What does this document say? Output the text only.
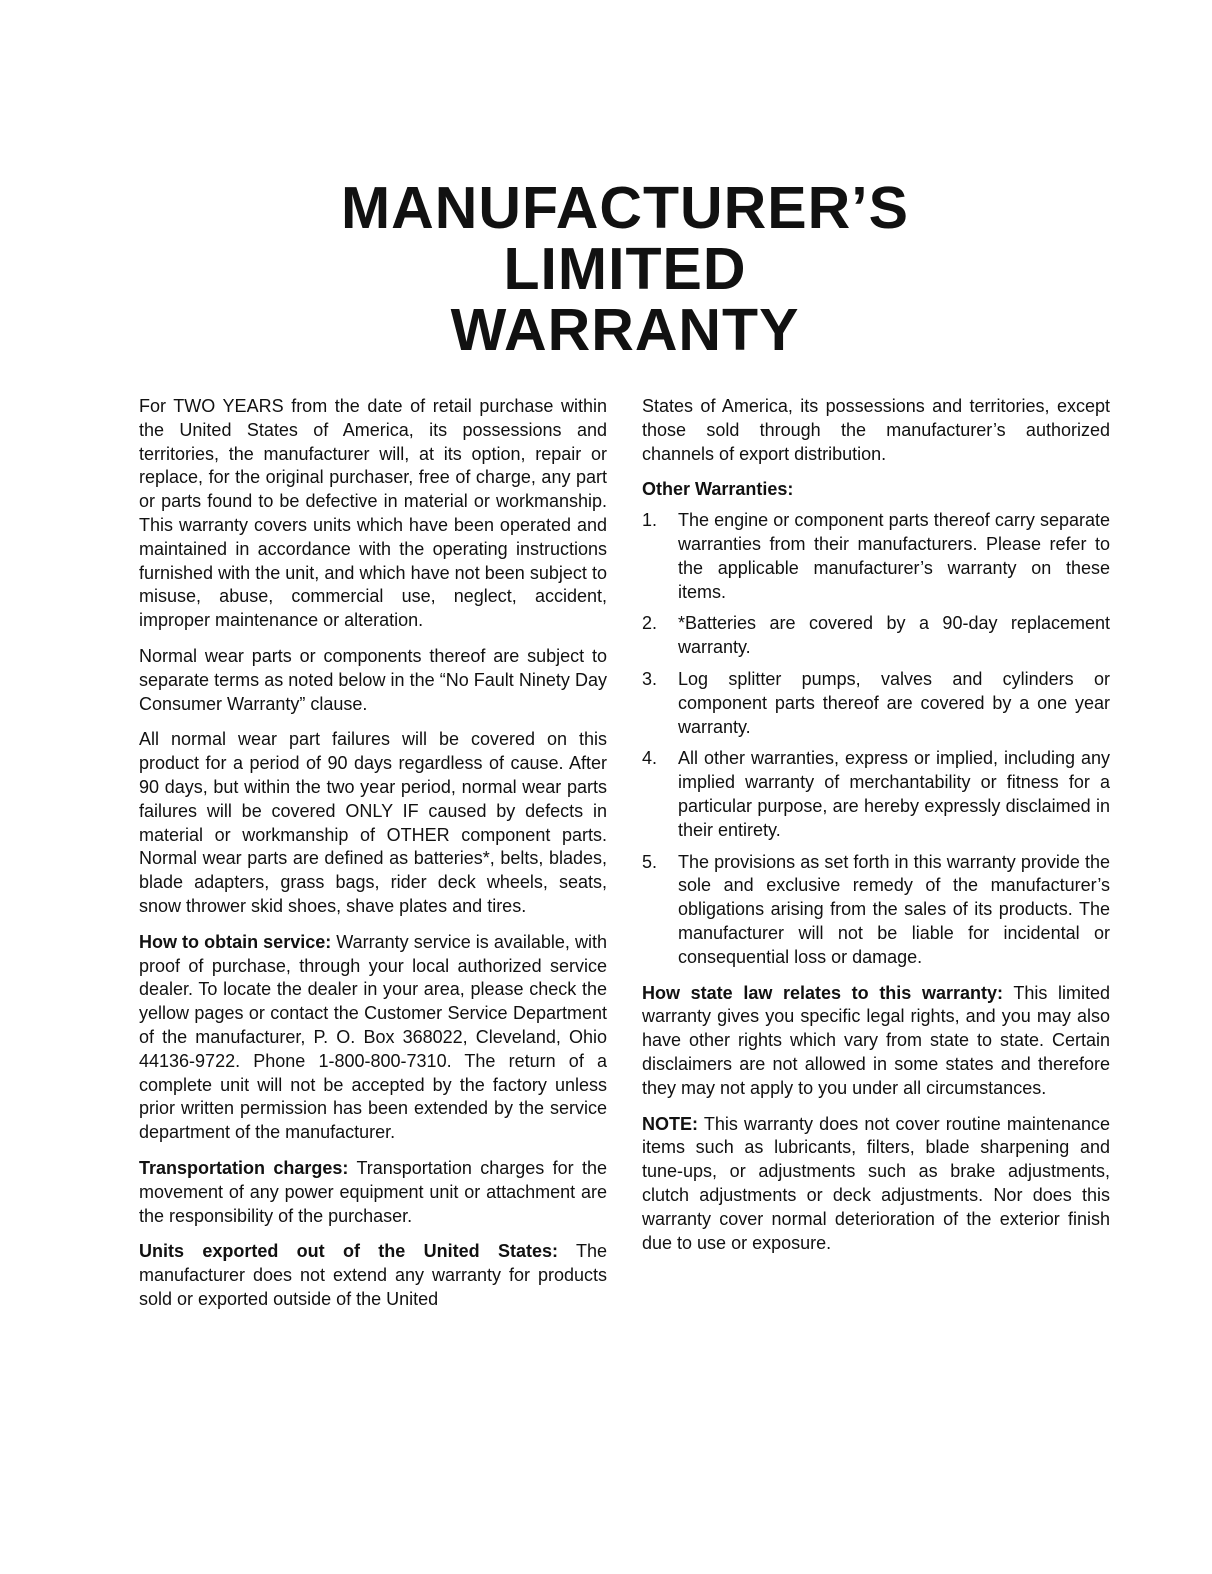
MANUFACTURER’S
LIMITED
WARRANTY

For TWO YEARS from the date of retail purchase within the United States of America, its possessions and territories, the manufacturer will, at its option, repair or replace, for the original purchaser, free of charge, any part or parts found to be defective in material or workmanship. This warranty covers units which have been operated and maintained in accordance with the operating instructions furnished with the unit, and which have not been subject to misuse, abuse, commercial use, neglect, accident, improper maintenance or alteration.

Normal wear parts or components thereof are subject to separate terms as noted below in the “No Fault Ninety Day Consumer Warranty” clause.

All normal wear part failures will be covered on this product for a period of 90 days regardless of cause. After 90 days, but within the two year period, normal wear parts failures will be covered ONLY IF caused by defects in material or workmanship of OTHER component parts. Normal wear parts are defined as batteries*, belts, blades, blade adapters, grass bags, rider deck wheels, seats, snow thrower skid shoes, shave plates and tires.

How to obtain service: Warranty service is available, with proof of purchase, through your local authorized service dealer. To locate the dealer in your area, please check the yellow pages or contact the Customer Service Department of the manufacturer, P. O. Box 368022, Cleveland, Ohio 44136-9722. Phone 1-800-800-7310. The return of a complete unit will not be accepted by the factory unless prior written permission has been extended by the service department of the manufacturer.

Transportation charges: Transportation charges for the movement of any power equipment unit or attachment are the responsibility of the purchaser.

Units exported out of the United States: The manufacturer does not extend any warranty for products sold or exported outside of the United

States of America, its possessions and territories, except those sold through the manufacturer’s authorized channels of export distribution.

Other Warranties:
1. The engine or component parts thereof carry separate warranties from their manufacturers. Please refer to the applicable manufacturer’s warranty on these items.
2. *Batteries are covered by a 90-day replacement warranty.
3. Log splitter pumps, valves and cylinders or component parts thereof are covered by a one year warranty.
4. All other warranties, express or implied, including any implied warranty of merchantability or fitness for a particular purpose, are hereby expressly disclaimed in their entirety.
5. The provisions as set forth in this warranty provide the sole and exclusive remedy of the manufacturer’s obligations arising from the sales of its products. The manufacturer will not be liable for incidental or consequential loss or damage.

How state law relates to this warranty: This limited warranty gives you specific legal rights, and you may also have other rights which vary from state to state. Certain disclaimers are not allowed in some states and therefore they may not apply to you under all circumstances.

NOTE: This warranty does not cover routine maintenance items such as lubricants, filters, blade sharpening and tune-ups, or adjustments such as brake adjustments, clutch adjustments or deck adjustments. Nor does this warranty cover normal deterioration of the exterior finish due to use or exposure.
